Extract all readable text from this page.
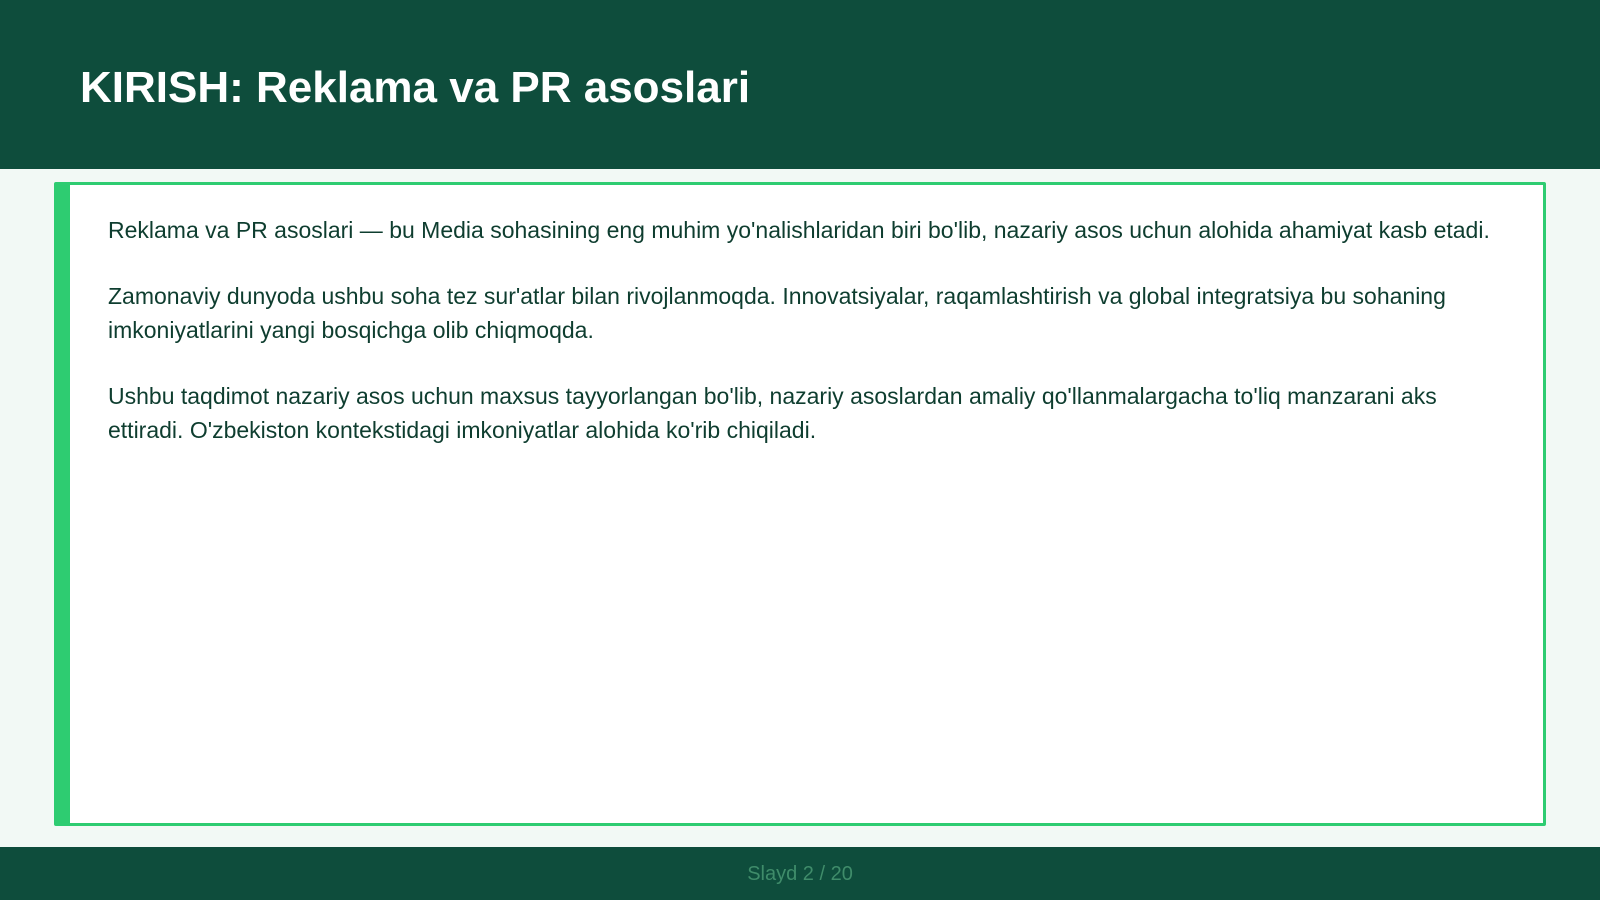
KIRISH: Reklama va PR asoslari

Reklama va PR asoslari — bu Media sohasining eng muhim yo'nalishlaridan biri bo'lib, nazariy asos uchun alohida ahamiyat kasb etadi.

Zamonaviy dunyoda ushbu soha tez sur'atlar bilan rivojlanmoqda. Innovatsiyalar, raqamlashtirish va global integratsiya bu sohaning imkoniyatlarini yangi bosqichga olib chiqmoqda.

Ushbu taqdimot nazariy asos uchun maxsus tayyorlangan bo'lib, nazariy asoslardan amaliy qo'llanmalargacha to'liq manzarani aks ettiradi. O'zbekiston kontekstidagi imkoniyatlar alohida ko'rib chiqiladi.

Slayd 2 / 20
